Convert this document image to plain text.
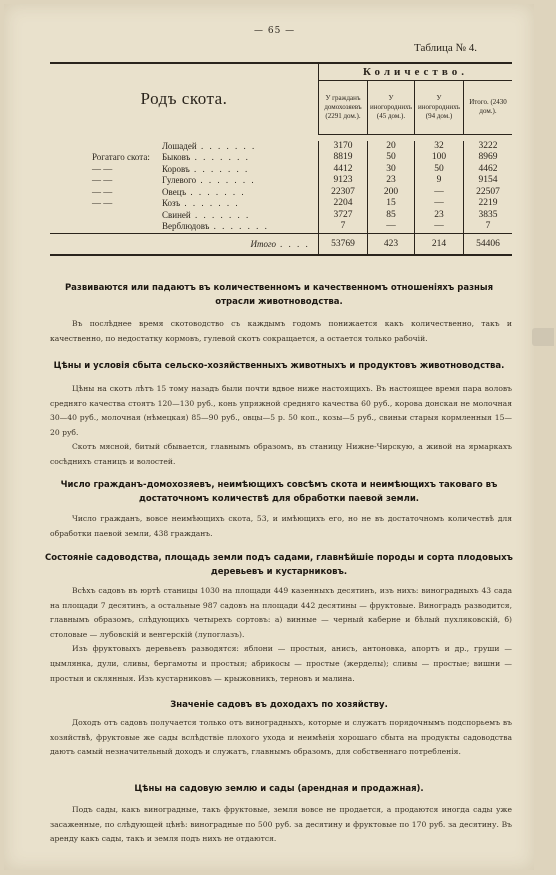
— 65 —
Таблица № 4.
Родъ скота.	Количество.			
	У гражданъ домохозяевъ (2291 дом.).	У иногороднихъ (45 дом.).	У иногороднихъ (94 дом.)	Итого. (2430 дом.).

Лошадей . . . . . . .	3170	20	32	3222
Рогатаго скота: Быковъ . . . . . . .	8819	50	100	8969
— — Коровъ . . . . . . .	4412	30	50	4462
— — Гулевого . . . . . . .	9123	23	9	9154
— — Овецъ . . . . . . .	22307	200	—	22507
— — Козъ . . . . . . .	2204	15	—	2219
Свиней . . . . . . .	3727	85	23	3835
Верблюдовъ . . . . . . .	7	—	—	7
Итого . . . .	53769	423	214	54406
Развиваются или падаютъ въ количественномъ и качественномъ отношеніяхъ разныя отрасли животноводства.

Въ послѣднее время скотоводство съ каждымъ годомъ понижается какъ количественно, такъ и качественно, по недостатку кормовъ, гулевой скотъ сокращается, а остается только рабочій.

Цѣны и условія сбыта сельско-хозяйственныхъ животныхъ и продуктовъ животноводства.

Цѣны на скотъ лѣтъ 15 тому назадъ были почти вдвое ниже настоящихъ. Въ настоящее время пара воловъ средняго качества стоятъ 120—130 руб., конь упряжной средняго качества 60 руб., корова донская не молочная 30—40 руб., молочная (нѣмецкая) 85—90 руб., овцы—5 р. 50 коп., козы—5 руб., свиньи старыя кормленныя 15—20 руб.

Скотъ мясной, битый сбывается, главнымъ образомъ, въ станицу Нижне-Чирскую, а живой на ярмаркахъ сосѣднихъ станицъ и волостей.

Число гражданъ-домохозяевъ, неимѣющихъ совсѣмъ скота и неимѣющихъ таковаго въ достаточномъ количествѣ для обработки паевой земли.

Число гражданъ, вовсе неимѣющихъ скота, 53, и имѣющихъ его, но не въ достаточномъ количествѣ для обработки паевой земли, 438 гражданъ.

Состояніе садоводства, площадь земли подъ садами, главнѣйшіе породы и сорта плодовыхъ деревьевъ и кустарниковъ.

Всѣхъ садовъ въ юртѣ станицы 1030 на площади 449 казенныхъ десятинъ, изъ нихъ: виноградныхъ 43 сада на площади 7 десятинъ, а остальные 987 садовъ на площади 442 десятины — фруктовые. Виноградъ разводится, главнымъ образомъ, слѣдующихъ четырехъ сортовъ: а) винные — черный каберне и бѣлый пухляковскій, б) столовые — лубовскій и венгерскій (лупоглазъ).

Изъ фруктовыхъ деревьевъ разводятся: яблони — простыя, анисъ, антоновка, апортъ и др., груши — цымлянка, дули, сливы, бергамоты и простыя; абрикосы — простые (жерделы); сливы — простые; вишни — простыя и склянныя. Изъ кустарниковъ — крыжовникъ, терновъ и малина.

Значеніе садовъ въ доходахъ по хозяйству.

Доходъ отъ садовъ получается только отъ виноградныхъ, которые и служатъ порядочнымъ подспорьемъ въ хозяйствѣ, фруктовые же сады вслѣдствіе плохого ухода и неимѣнія хорошаго сбыта на продукты садоводства даютъ самый незначительный доходъ и служатъ, главнымъ образомъ, для собственнаго потребленія.

Цѣны на садовую землю и сады (арендная и продажная).

Подъ сады, какъ виноградные, такъ фруктовые, земля вовсе не продается, а продаются иногда сады уже засаженные, по слѣдующей цѣнѣ: виноградные по 500 руб. за десятину и фруктовые по 170 руб. за десятину. Въ аренду какъ сады, такъ и земля подъ нихъ не отдаются.
